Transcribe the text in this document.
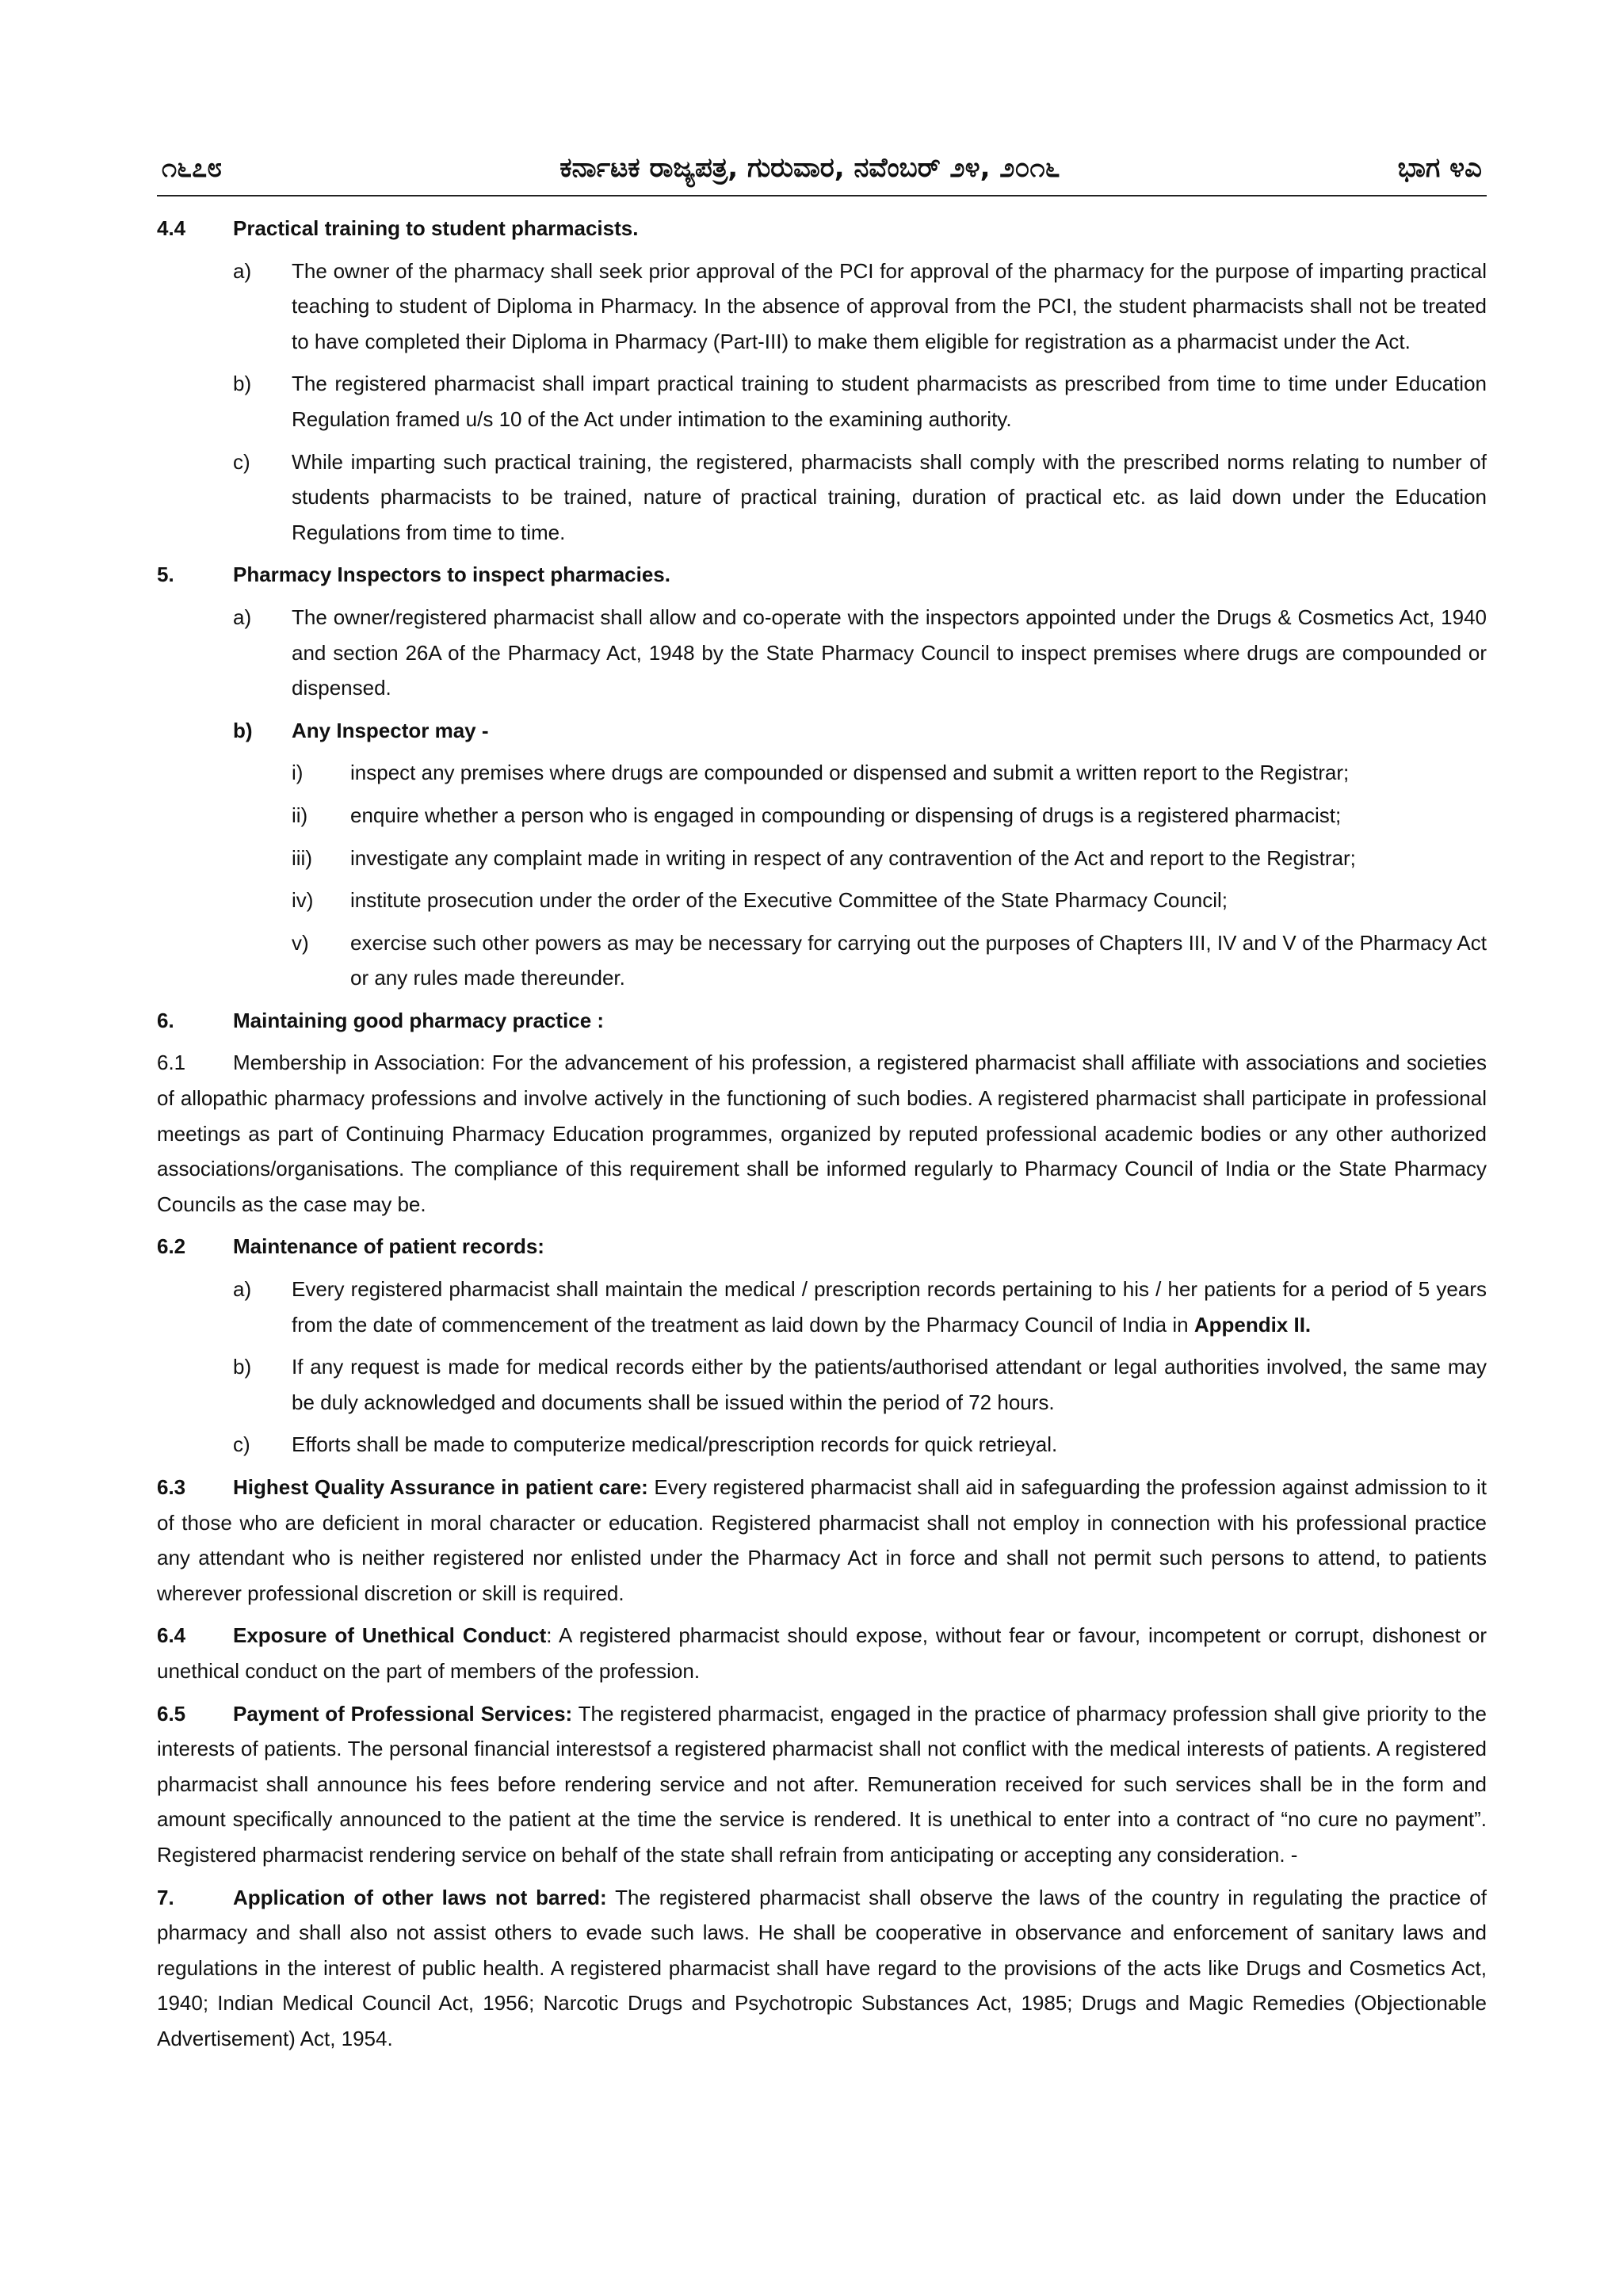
೧೬೭೮	ಕರ್ನಾಟಕ ರಾಜ್ಯಪತ್ರ, ಗುರುವಾರ, ನವೆಂಬರ್ ೨೪, ೨೦೧೬	ಭಾಗ ೪ಎ
4.4	Practical training to student pharmacists.
a)	The owner of the pharmacy shall seek prior approval of the PCI for approval of the pharmacy for the purpose of imparting practical teaching to student of Diploma in Pharmacy. In the absence of approval from the PCI, the student pharmacists shall not be treated to have completed their Diploma in Pharmacy (Part-III) to make them eligible for registration as a pharmacist under the Act.
b)	The registered pharmacist shall impart practical training to student pharmacists as prescribed from time to time under Education Regulation framed u/s 10 of the Act under intimation to the examining authority.
c)	While imparting such practical training, the registered, pharmacists shall comply with the prescribed norms relating to number of students pharmacists to be trained, nature of practical training, duration of practical etc. as laid down under the Education Regulations from time to time.
5.	Pharmacy Inspectors to inspect pharmacies.
a)	The owner/registered pharmacist shall allow and co-operate with the inspectors appointed under the Drugs & Cosmetics Act, 1940 and section 26A of the Pharmacy Act, 1948 by the State Pharmacy Council to inspect premises where drugs are compounded or dispensed.
b)	Any Inspector may -
i)	inspect any premises where drugs are compounded or dispensed and submit a written report to the Registrar;
ii)	enquire whether a person who is engaged in compounding or dispensing of drugs is a registered pharmacist;
iii)	investigate any complaint made in writing in respect of any contravention of the Act and report to the Registrar;
iv)	institute prosecution under the order of the Executive Committee of the State Pharmacy Council;
v)	exercise such other powers as may be necessary for carrying out the purposes of Chapters III, IV and V of the Pharmacy Act or any rules made thereunder.
6.	Maintaining good pharmacy practice :
6.1 Membership in Association: For the advancement of his profession, a registered pharmacist shall affiliate with associations and societies of allopathic pharmacy professions and involve actively in the functioning of such bodies. A registered pharmacist shall participate in professional meetings as part of Continuing Pharmacy Education programmes, organized by reputed professional academic bodies or any other authorized associations/organisations. The compliance of this requirement shall be informed regularly to Pharmacy Council of India or the State Pharmacy Councils as the case may be.
6.2	Maintenance of patient records:
a)	Every registered pharmacist shall maintain the medical / prescription records pertaining to his / her patients for a period of 5 years from the date of commencement of the treatment as laid down by the Pharmacy Council of India in Appendix II.
b)	If any request is made for medical records either by the patients/authorised attendant or legal authorities involved, the same may be duly acknowledged and documents shall be issued within the period of 72 hours.
c)	Efforts shall be made to computerize medical/prescription records for quick retrieyal.
6.3 Highest Quality Assurance in patient care: Every registered pharmacist shall aid in safeguarding the profession against admission to it of those who are deficient in moral character or education. Registered pharmacist shall not employ in connection with his professional practice any attendant who is neither registered nor enlisted under the Pharmacy Act in force and shall not permit such persons to attend, to patients wherever professional discretion or skill is required.
6.4 Exposure of Unethical Conduct: A registered pharmacist should expose, without fear or favour, incompetent or corrupt, dishonest or unethical conduct on the part of members of the profession.
6.5 Payment of Professional Services: The registered pharmacist, engaged in the practice of pharmacy profession shall give priority to the interests of patients. The personal financial interestsof a registered pharmacist shall not conflict with the medical interests of patients. A registered pharmacist shall announce his fees before rendering service and not after. Remuneration received for such services shall be in the form and amount specifically announced to the patient at the time the service is rendered. It is unethical to enter into a contract of “no cure no payment”. Registered pharmacist rendering service on behalf of the state shall refrain from anticipating or accepting any consideration. -
7.	Application of other laws not barred: The registered pharmacist shall observe the laws of the country in regulating the practice of pharmacy and shall also not assist others to evade such laws. He shall be cooperative in observance and enforcement of sanitary laws and regulations in the interest of public health. A registered pharmacist shall have regard to the provisions of the acts like Drugs and Cosmetics Act, 1940; Indian Medical Council Act, 1956; Narcotic Drugs and Psychotropic Substances Act, 1985; Drugs and Magic Remedies (Objectionable Advertisement) Act, 1954.
